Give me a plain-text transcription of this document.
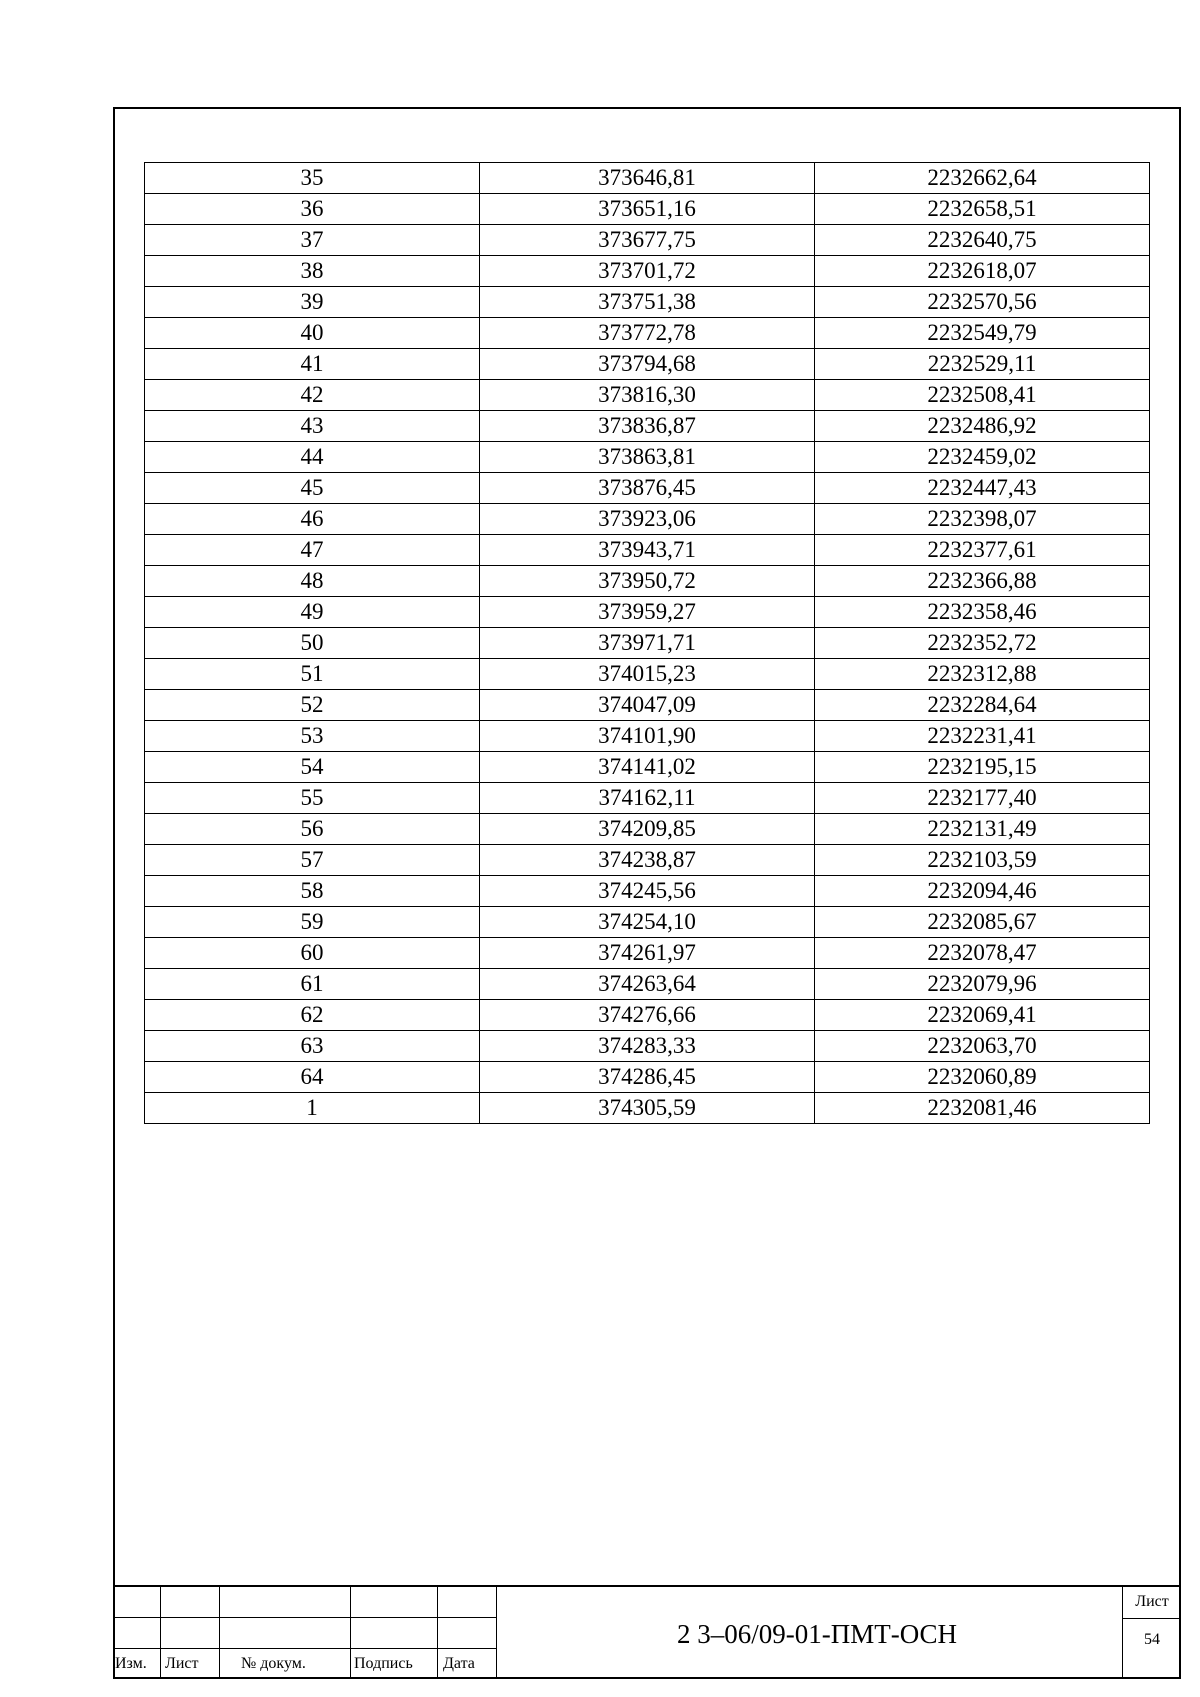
35	373646,81	2232662,64
36	373651,16	2232658,51
37	373677,75	2232640,75
38	373701,72	2232618,07
39	373751,38	2232570,56
40	373772,78	2232549,79
41	373794,68	2232529,11
42	373816,30	2232508,41
43	373836,87	2232486,92
44	373863,81	2232459,02
45	373876,45	2232447,43
46	373923,06	2232398,07
47	373943,71	2232377,61
48	373950,72	2232366,88
49	373959,27	2232358,46
50	373971,71	2232352,72
51	374015,23	2232312,88
52	374047,09	2232284,64
53	374101,90	2232231,41
54	374141,02	2232195,15
55	374162,11	2232177,40
56	374209,85	2232131,49
57	374238,87	2232103,59
58	374245,56	2232094,46
59	374254,10	2232085,67
60	374261,97	2232078,47
61	374263,64	2232079,96
62	374276,66	2232069,41
63	374283,33	2232063,70
64	374286,45	2232060,89
1	374305,59	2232081,46
Изм. Лист	№ докум.	Подпись Дата
2 3–06/09-01-ПМТ-ОСН
Лист
54
